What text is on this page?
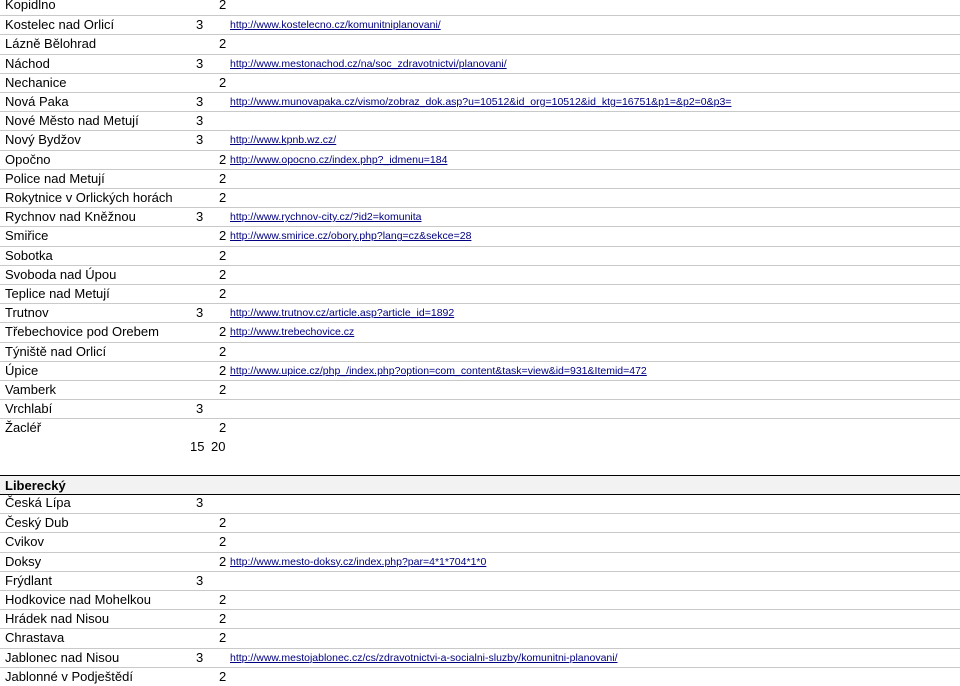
Kopidlno	2
Kostelec nad Orlicí	3	http://www.kostelecno.cz/komunitniplanovani/
Lázně Bělohrad	2
Náchod	3	http://www.mestonachod.cz/na/soc_zdravotnictvi/planovani/
Nechanice	2
Nová Paka	3	http://www.munovapaka.cz/vismo/zobraz_dok.asp?u=10512&id_org=10512&id_ktg=16751&p1=&p2=0&p3=
Nové Město nad Metují	3
Nový Bydžov	3	http://www.kpnb.wz.cz/
Opočno	2 http://www.opocno.cz/index.php?_idmenu=184
Police nad Metují	2
Rokytnice v Orlických horách	2
Rychnov nad Kněžnou	3	http://www.rychnov-city.cz/?id2=komunita
Smiřice	2 http://www.smirice.cz/obory.php?lang=cz&sekce=28
Sobotka	2
Svoboda nad Úpou	2
Teplice nad Metují	2
Trutnov	3	http://www.trutnov.cz/article.asp?article_id=1892
Třebechovice pod Orebem	2 http://www.trebechovice.cz
Týniště nad Orlicí	2
Úpice	2 http://www.upice.cz/php_/index.php?option=com_content&task=view&id=931&Itemid=472
Vamberk	2
Vrchlabí	3
Žacléř	2
15 20
Liberecký
Česká Lípa	3
Český Dub	2
Cvikov	2
Doksy	2 http://www.mesto-doksy.cz/index.php?par=4*1*704*1*0
Frýdlant	3
Hodkovice nad Mohelkou	2
Hrádek nad Nisou	2
Chrastava	2
Jablonec nad Nisou	3	http://www.mestojablonec.cz/cs/zdravotnictvi-a-socialni-sluzby/komunitni-planovani/
Jablonné v Podještědí	2
